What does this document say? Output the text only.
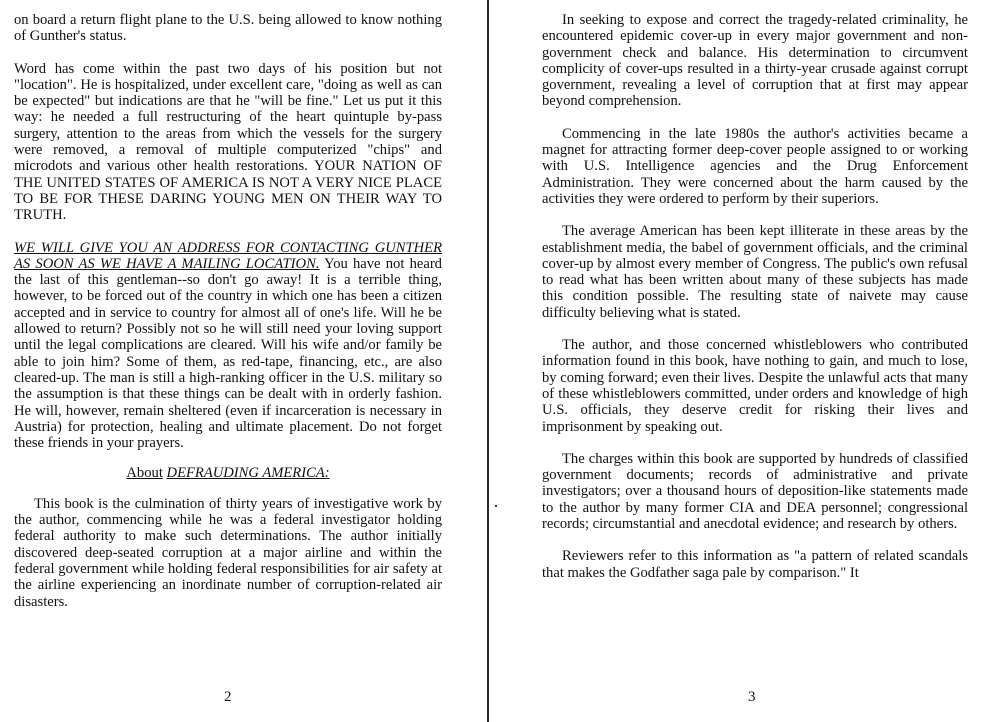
on board a return flight plane to the U.S. being allowed to know nothing of Gunther's status.

Word has come within the past two days of his position but not "location". He is hospitalized, under excellent care, "doing as well as can be expected" but indications are that he "will be fine." Let us put it this way: he needed a full restructuring of the heart quintuple by-pass surgery, attention to the areas from which the vessels for the surgery were removed, a removal of multiple computerized "chips" and microdots and various other health restorations. YOUR NATION OF THE UNITED STATES OF AMERICA IS NOT A VERY NICE PLACE TO BE FOR THESE DARING YOUNG MEN ON THEIR WAY TO TRUTH.

WE WILL GIVE YOU AN ADDRESS FOR CONTACTING GUNTHER AS SOON AS WE HAVE A MAILING LOCATION. You have not heard the last of this gentleman--so don't go away! It is a terrible thing, however, to be forced out of the country in which one has been a citizen accepted and in service to country for almost all of one's life. Will he be allowed to return? Possibly not so he will still need your loving support until the legal complications are cleared. Will his wife and/or family be able to join him? Some of them, as red-tape, financing, etc., are also cleared-up. The man is still a high-ranking officer in the U.S. military so the assumption is that these things can be dealt with in orderly fashion. He will, however, remain sheltered (even if incarceration is necessary in Austria) for protection, healing and ultimate placement. Do not forget these friends in your prayers.

About DEFRAUDING AMERICA:

This book is the culmination of thirty years of investigative work by the author, commencing while he was a federal investigator holding federal authority to make such determinations. The author initially discovered deep-seated corruption at a major airline and within the federal government while holding federal responsibilities for air safety at the airline experiencing an inordinate number of corruption-related air disasters.

2

In seeking to expose and correct the tragedy-related criminality, he encountered epidemic cover-up in every major government and non-government check and balance. His determination to circumvent complicity of cover-ups resulted in a thirty-year crusade against corrupt government, revealing a level of corruption that at first may appear beyond comprehension.

Commencing in the late 1980s the author's activities became a magnet for attracting former deep-cover people assigned to or working with U.S. Intelligence agencies and the Drug Enforcement Administration. They were concerned about the harm caused by the activities they were ordered to perform by their superiors.

The average American has been kept illiterate in these areas by the establishment media, the babel of government officials, and the criminal cover-up by almost every member of Congress. The public's own refusal to read what has been written about many of these subjects has made this condition possible. The resulting state of naivete may cause difficulty believing what is stated.

The author, and those concerned whistleblowers who contributed information found in this book, have nothing to gain, and much to lose, by coming forward; even their lives. Despite the unlawful acts that many of these whistleblowers committed, under orders and knowledge of high U.S. officials, they deserve credit for risking their lives and imprisonment by speaking out.

The charges within this book are supported by hundreds of classified government documents; records of administrative and private investigators; over a thousand hours of deposition-like statements made to the author by many former CIA and DEA personnel; congressional records; circumstantial and anecdotal evidence; and research by others.

Reviewers refer to this information as "a pattern of related scandals that makes the Godfather saga pale by comparison." It

3
